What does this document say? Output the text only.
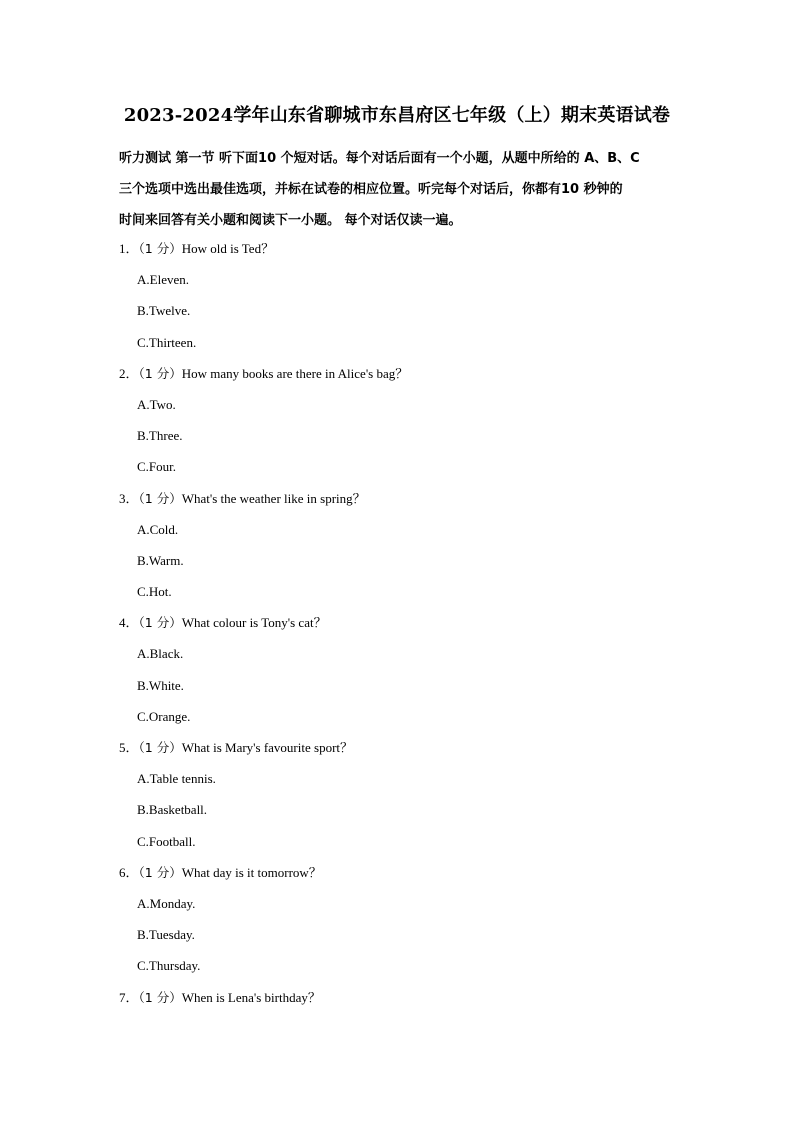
2023-2024学年山东省聊城市东昌府区七年级（上）期末英语试卷

听力测试 第一节 听下面10 个短对话。每个对话后面有一个小题，从题中所给的 A、B、C

三个选项中选出最佳选项，并标在试卷的相应位置。听完每个对话后，你都有10 秒钟的

时间来回答有关小题和阅读下一小题。 每个对话仅读一遍。

1．（1 分）How old is Ted？
A.Eleven.
B.Twelve.
C.Thirteen.
2．（1 分）How many books are there in Alice's bag？
A.Two.
B.Three.
C.Four.
3．（1 分）What's the weather like in spring？
A.Cold.
B.Warm.
C.Hot.
4．（1 分）What colour is Tony's cat？
A.Black.
B.White.
C.Orange.
5．（1 分）What is Mary's favourite sport？
A.Table tennis.
B.Basketball.
C.Football.
6．（1 分）What day is it tomorrow？
A.Monday.
B.Tuesday.
C.Thursday.
7．（1 分）When is Lena's birthday？
